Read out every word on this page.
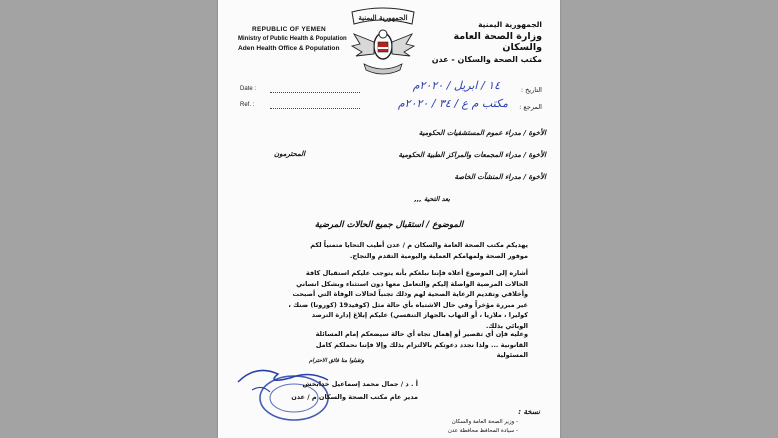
REPUBLIC OF YEMEN
Ministry of Public Health & Population
Aden Health Office & Population
الجمهورية اليمنية
الجمهورية اليمنية
وزارة الصحة العامة والسكان
مكتب الصحة والسكان - عدن
Date :
Ref. :
التاريخ :
١٤ / ابريل / ٢٠٢٠م
المرجع :
مكتب م ع / ٣٤ / ٢٠٢٠م
الأخوة / مدراء عموم المستشفيات الحكومية
الأخوة / مدراء المجمعات والمراكز الطبية الحكومية
الأخوة / مدراء المنشآت الخاصة
المحترمون
بعد التحية ,,,
الموضوع / استقبال جميع الحالات المرضية
يهديكم مكتب الصحة العامة والسكان م / عدن أطيب التحايا متمنياً لكم موفور الصحة ولمهامكم العملية واليومية التقدم والنجاح.
أشاره إلى الموضوع أعلاه فإننا نبلغكم بأنه يتوجب عليكم استقبال كافة الحالات المرضية الواصلة إليكم والتعامل معها دون استثناء وبشكل انساني وأخلاقي وتقديم الرعاية الصحية لهم وذلك تجنباً لحالات الوفاة التي أصبحت غير مبررة مؤخراً وفي حال الاشتباه بأي حالة مثل (كوفيد19 (كورونا) ضنك ، كوليرا ، ملاريا ، أو التهاب بالجهاز التنفسي) عليكم إبلاغ إدارة الترصد الوبائي بذلك.
وعليه فإن أي تقصير أو إهمال تجاه أي حالة سيضعكم إمام المسائلة القانونية ... ولذا نجدد دعوتكم بالالتزام بذلك وإلا فإننا نحملكم كامل المسئولية
وتقبلوا منا فائق الاحترام
أ . د / جمال محمد إسماعيل خدابخش
مدير عام مكتب الصحة والسكان م / عدن
نسخة :
- وزير الصحة العامة والسكان
- سيادة المحافظ محافظة عدن
